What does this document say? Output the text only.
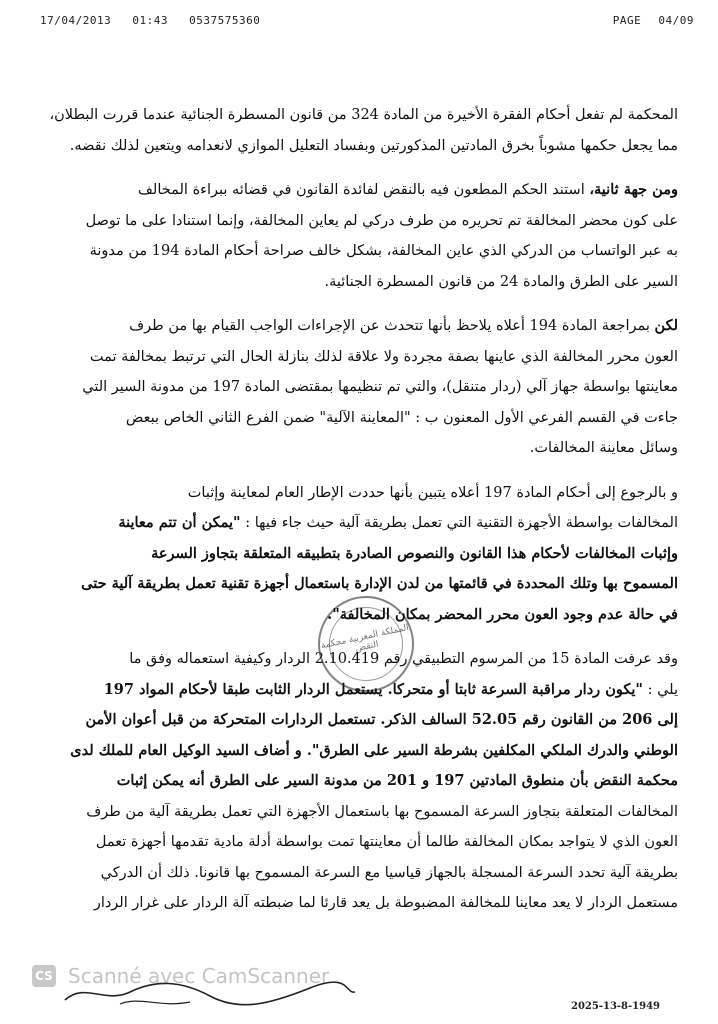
17/04/2013 01:43 0537575360	PAGE 04/09

المحكمة لم تفعل أحكام الفقرة الأخيرة من المادة 324 من قانون المسطرة الجنائية عندما قررت البطلان،

مما يجعل حكمها مشوباً بخرق المادتين المذكورتين وبفساد التعليل الموازي لانعدامه ويتعين لذلك نقضه.

ومن جهة ثانية، استند الحكم المطعون فيه بالنقض لفائدة القانون في قضائه ببراءة المخالف

على كون محضر المخالفة تم تحريره من طرف دركي لم يعاين المخالفة، وإنما استنادا على ما توصل

به عبر الواتساب من الدركي الذي عاين المخالفة، بشكل خالف صراحة أحكام المادة 194 من مدونة

السير على الطرق والمادة 24 من قانون المسطرة الجنائية.

لكن بمراجعة المادة 194 أعلاه يلاحظ بأنها تتحدث عن الإجراءات الواجب القيام بها من طرف

العون محرر المخالفة الذي عاينها بصفة مجردة ولا علاقة لذلك بنازلة الحال التي ترتبط بمخالفة تمت

معاينتها بواسطة جهاز آلي (ردار متنقل)، والتي تم تنظيمها بمقتضى المادة 197 من مدونة السير التي

جاءت في القسم الفرعي الأول المعنون ب : "المعاينة الآلية" ضمن الفرع الثاني الخاص ببعض

وسائل معاينة المخالفات.

و بالرجوع إلى أحكام المادة 197 أعلاه يتبين بأنها حددت الإطار العام لمعاينة وإثبات

المخالفات بواسطة الأجهزة التقنية التي تعمل بطريقة آلية حيث جاء فيها : "يمكن أن تتم معاينة

وإثبات المخالفات لأحكام هذا القانون والنصوص الصادرة بتطبيقه المتعلقة بتجاوز السرعة

المسموح بها وتلك المحددة في قائمتها من لدن الإدارة باستعمال أجهزة تقنية تعمل بطريقة آلية حتى

في حالة عدم وجود العون محرر المحضر بمكان المخالفة".

وقد عرفت المادة 15 من المرسوم التطبيقي رقم 2.10.419 الردار وكيفية استعماله وفق ما

يلي : "يكون ردار مراقبة السرعة ثابتا أو متحركا. يستعمل الردار الثابت طبقا لأحكام المواد 197

إلى 206 من القانون رقم 52.05 السالف الذكر. تستعمل الردارات المتحركة من قبل أعوان الأمن

الوطني والدرك الملكي المكلفين بشرطة السير على الطرق". و أضاف السيد الوكيل العام للملك لدى

محكمة النقض بأن منطوق المادتين 197 و 201 من مدونة السير على الطرق أنه يمكن إثبات

المخالفات المتعلقة بتجاوز السرعة المسموح بها باستعمال الأجهزة التي تعمل بطريقة آلية من طرف

العون الذي لا يتواجد بمكان المخالفة طالما أن معاينتها تمت بواسطة أدلة مادية تقدمها أجهزة تعمل

بطريقة آلية تحدد السرعة المسجلة بالجهاز قياسيا مع السرعة المسموح بها قانونا. ذلك أن الدركي

مستعمل الردار لا يعد معاينا للمخالفة المضبوطة بل يعد قارئا لما ضبطته آلة الردار على غرار الردار

المملكة المغربية محكمة النقض
CS Scanné avec CamScanner
2025-13-8-1949
